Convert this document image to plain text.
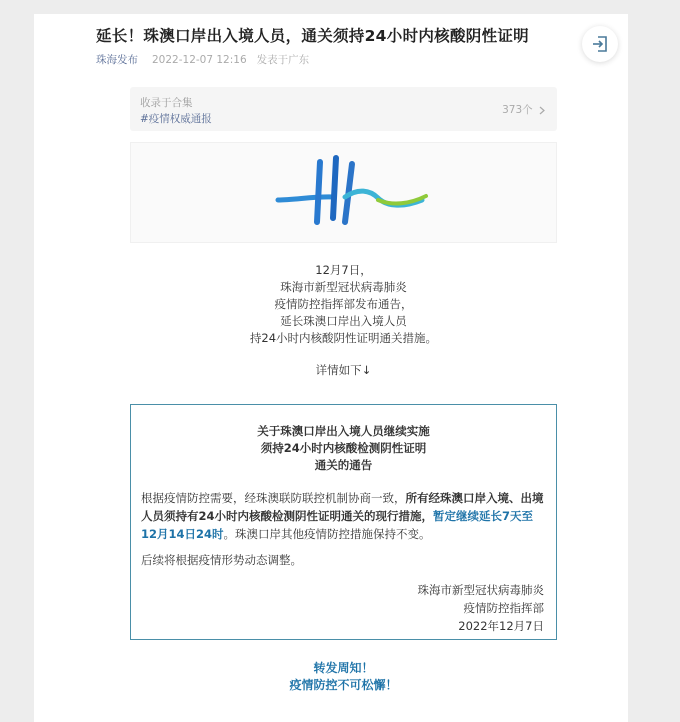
延长！珠澳口岸出入境人员，通关须持24小时内核酸阴性证明
珠海发布 2022-12-07 12:16 发表于广东
收录于合集
#疫情权威通报
373个
12月7日，
珠海市新型冠状病毒肺炎
疫情防控指挥部发布通告，
延长珠澳口岸出入境人员
持24小时内核酸阴性证明通关措施。
详情如下↓
关于珠澳口岸出入境人员继续实施
须持24小时内核酸检测阴性证明
通关的通告
根据疫情防控需要，经珠澳联防联控机制协商一致，所有经珠澳口岸入境、出境人员须持有24小时内核酸检测阴性证明通关的现行措施，暂定继续延长7天至12月14日24时。珠澳口岸其他疫情防控措施保持不变。
后续将根据疫情形势动态调整。
珠海市新型冠状病毒肺炎
疫情防控指挥部
2022年12月7日
转发周知！
疫情防控不可松懈！
